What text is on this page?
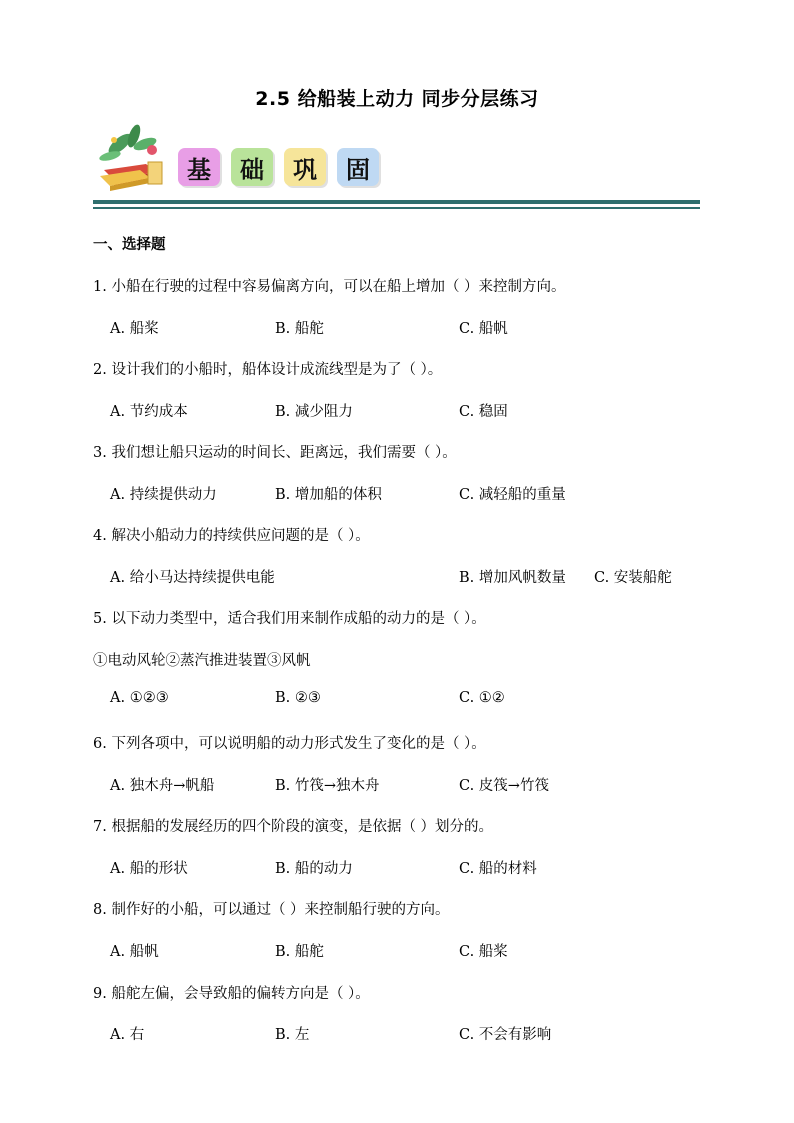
2.5 给船装上动力 同步分层练习
基	础	巩	固
一、选择题
1. 小船在行驶的过程中容易偏离方向，可以在船上增加（ ）来控制方向。
A. 船桨	B. 船舵	C. 船帆
2. 设计我们的小船时，船体设计成流线型是为了（ ）。
A. 节约成本	B. 减少阻力	C. 稳固
3. 我们想让船只运动的时间长、距离远，我们需要（ ）。
A. 持续提供动力	B. 增加船的体积	C. 减轻船的重量
4. 解决小船动力的持续供应问题的是（ ）。
A. 给小马达持续提供电能	B. 增加风帆数量 C. 安装船舵
5. 以下动力类型中，适合我们用来制作成船的动力的是（ ）。
①电动风轮②蒸汽推进装置③风帆
A. ①②③	B. ②③	C. ①②
6. 下列各项中，可以说明船的动力形式发生了变化的是（ ）。
A. 独木舟→帆船	B. 竹筏→独木舟	C. 皮筏→竹筏
7. 根据船的发展经历的四个阶段的演变，是依据（ ）划分的。
A. 船的形状	B. 船的动力	C. 船的材料
8. 制作好的小船，可以通过（ ）来控制船行驶的方向。
A. 船帆	B. 船舵	C. 船桨
9. 船舵左偏，会导致船的偏转方向是（ ）。
A. 右	B. 左	C. 不会有影响
